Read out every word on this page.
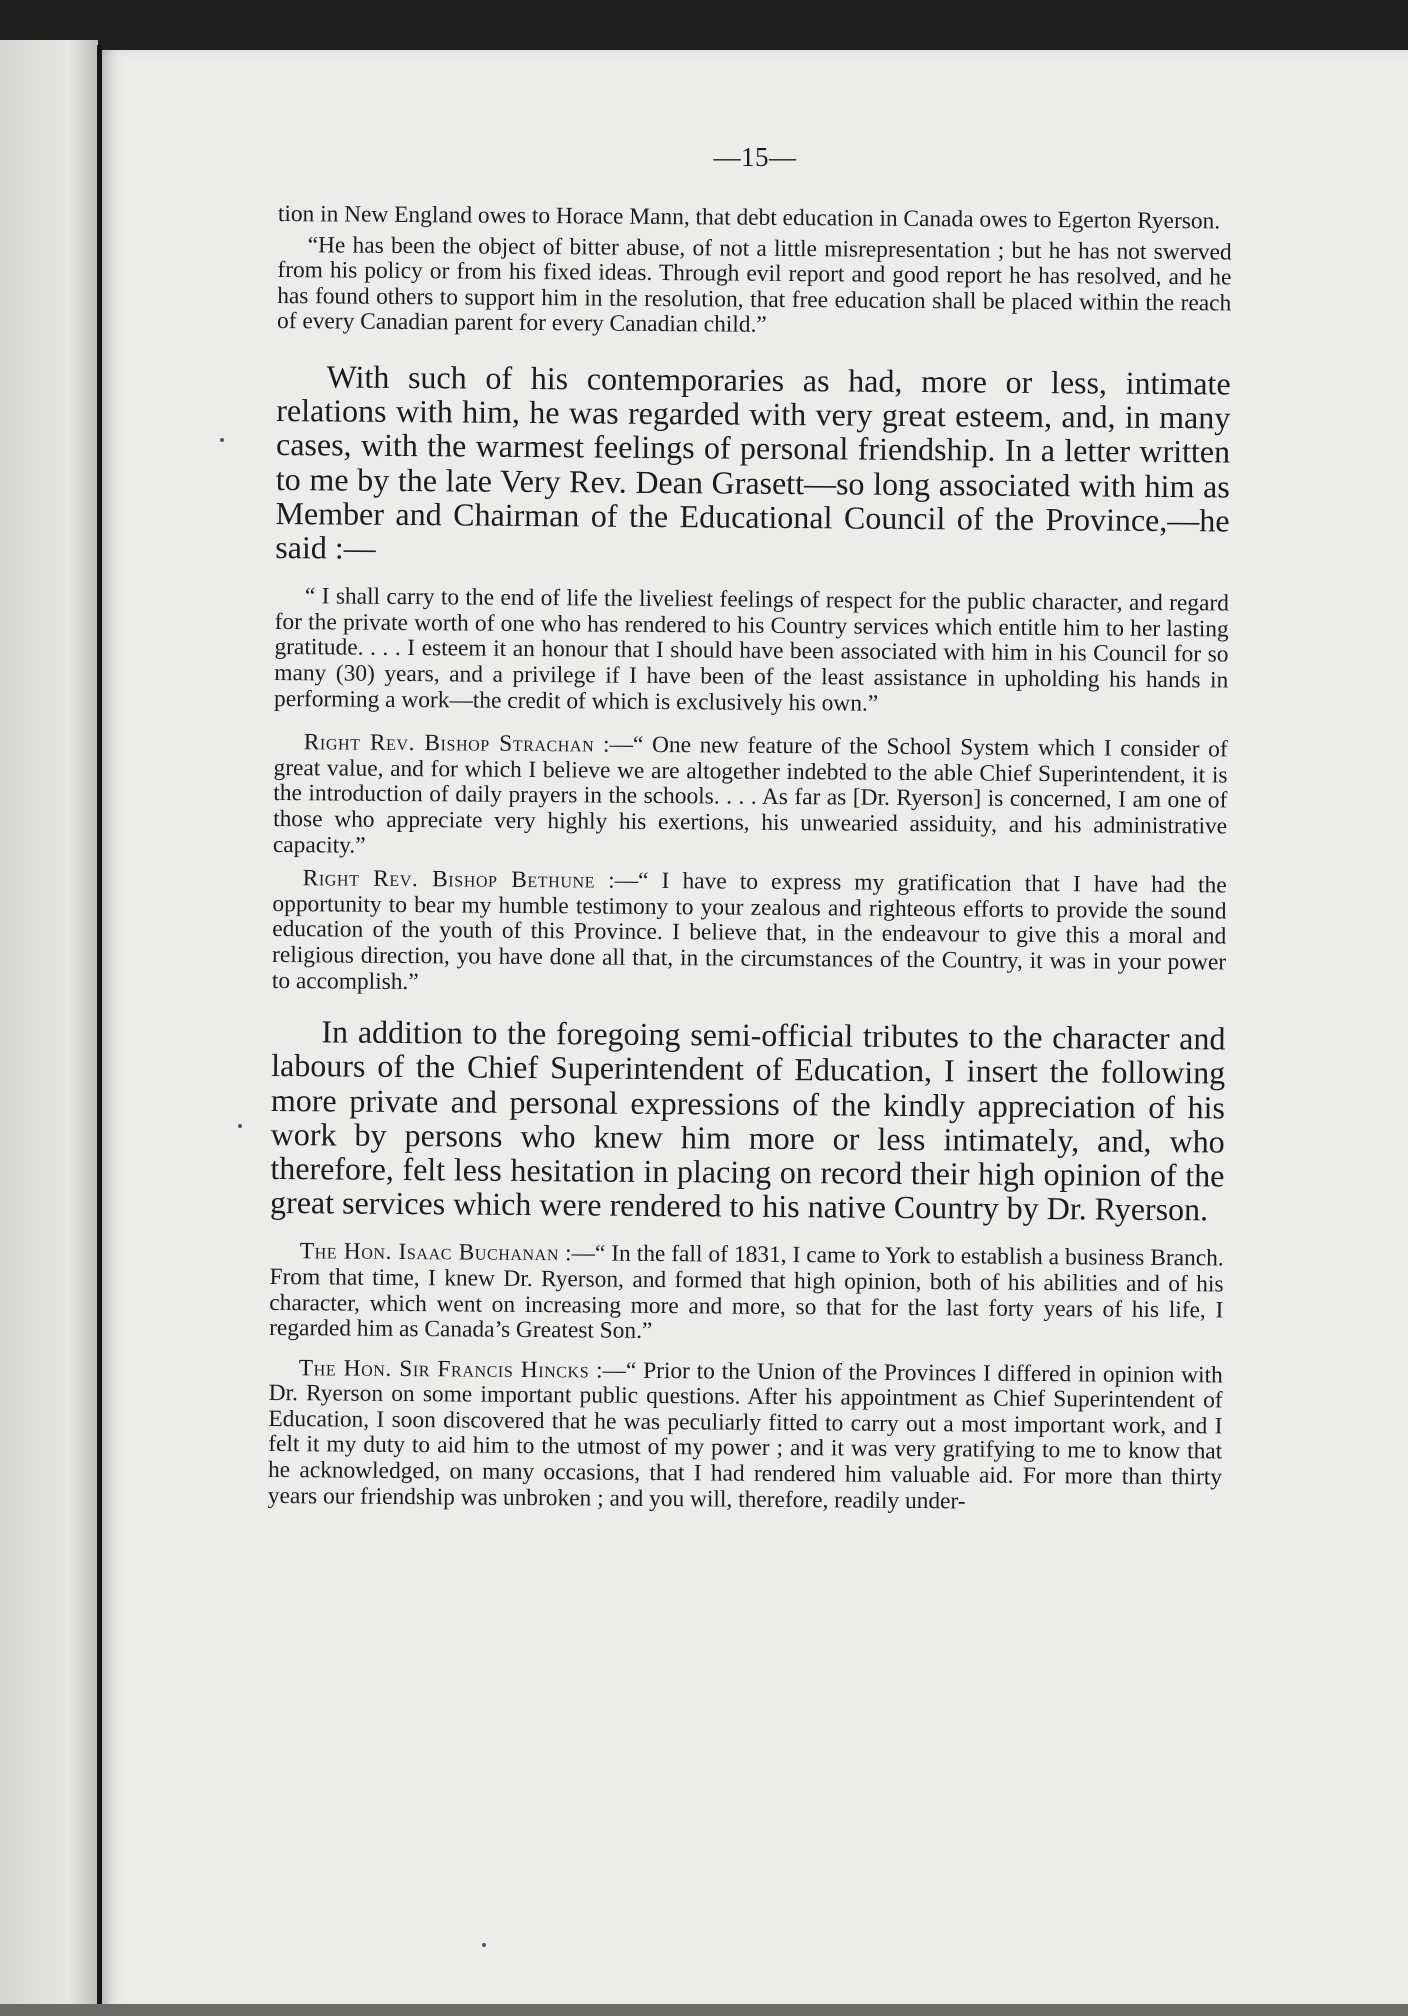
—15—

tion in New England owes to Horace Mann, that debt education in Canada owes to Egerton Ryerson.

“He has been the object of bitter abuse, of not a little misrepresentation ; but he has not swerved from his policy or from his fixed ideas. Through evil report and good report he has resolved, and he has found others to support him in the resolution, that free education shall be placed within the reach of every Canadian parent for every Canadian child.”

With such of his contemporaries as had, more or less, intimate relations with him, he was regarded with very great esteem, and, in many cases, with the warmest feelings of personal friendship. In a letter written to me by the late Very Rev. Dean Grasett—so long associated with him as Member and Chairman of the Educational Council of the Province,—he said :—

“ I shall carry to the end of life the liveliest feelings of respect for the public character, and regard for the private worth of one who has rendered to his Country services which entitle him to her lasting gratitude. . . . I esteem it an honour that I should have been associated with him in his Council for so many (30) years, and a privilege if I have been of the least assistance in upholding his hands in performing a work—the credit of which is exclusively his own.”

Right Rev. Bishop Strachan :—“ One new feature of the School System which I consider of great value, and for which I believe we are altogether indebted to the able Chief Superintendent, it is the introduction of daily prayers in the schools. . . . As far as [Dr. Ryerson] is concerned, I am one of those who appreciate very highly his exertions, his unwearied assiduity, and his administrative capacity.”

Right Rev. Bishop Bethune :—“ I have to express my gratification that I have had the opportunity to bear my humble testimony to your zealous and righteous efforts to provide the sound education of the youth of this Province. I believe that, in the endeavour to give this a moral and religious direction, you have done all that, in the circumstances of the Country, it was in your power to accomplish.”

In addition to the foregoing semi-official tributes to the character and labours of the Chief Superintendent of Education, I insert the following more private and personal expressions of the kindly appreciation of his work by persons who knew him more or less intimately, and, who therefore, felt less hesitation in placing on record their high opinion of the great services which were rendered to his native Country by Dr. Ryerson.

The Hon. Isaac Buchanan :—“ In the fall of 1831, I came to York to establish a business Branch. From that time, I knew Dr. Ryerson, and formed that high opinion, both of his abilities and of his character, which went on increasing more and more, so that for the last forty years of his life, I regarded him as Canada’s Greatest Son.”

The Hon. Sir Francis Hincks :—“ Prior to the Union of the Provinces I differed in opinion with Dr. Ryerson on some important public questions. After his appointment as Chief Superintendent of Education, I soon discovered that he was peculiarly fitted to carry out a most important work, and I felt it my duty to aid him to the utmost of my power ; and it was very gratifying to me to know that he acknowledged, on many occasions, that I had rendered him valuable aid. For more than thirty years our friendship was unbroken ; and you will, therefore, readily under-
